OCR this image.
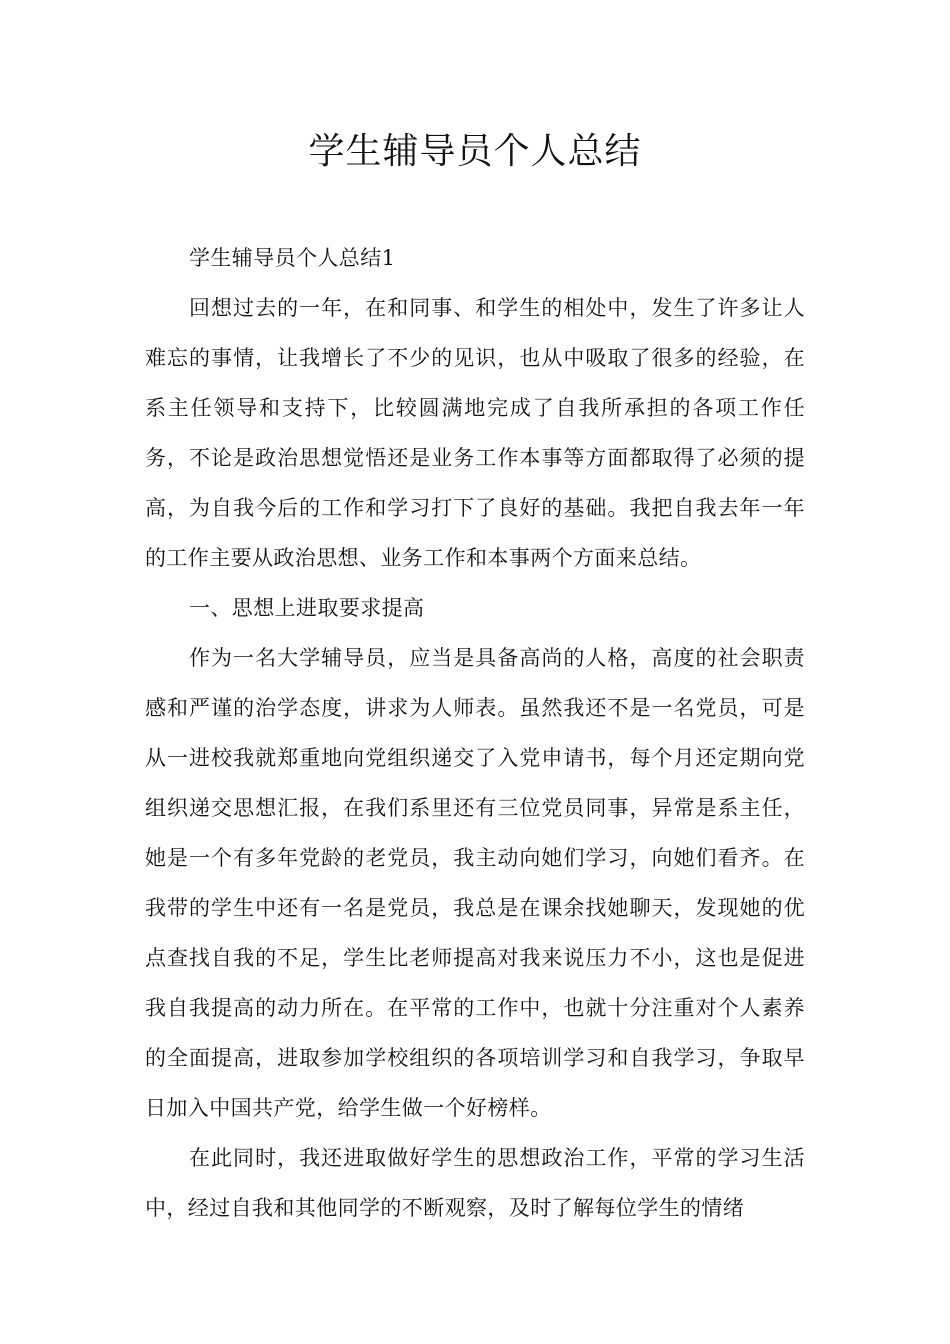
学生辅导员个人总结

学生辅导员个人总结1

回想过去的一年，在和同事、和学生的相处中，发生了许多让人难忘的事情，让我增长了不少的见识，也从中吸取了很多的经验，在系主任领导和支持下，比较圆满地完成了自我所承担的各项工作任务，不论是政治思想觉悟还是业务工作本事等方面都取得了必须的提高，为自我今后的工作和学习打下了良好的基础。我把自我去年一年的工作主要从政治思想、业务工作和本事两个方面来总结。

一、思想上进取要求提高

作为一名大学辅导员，应当是具备高尚的人格，高度的社会职责感和严谨的治学态度，讲求为人师表。虽然我还不是一名党员，可是从一进校我就郑重地向党组织递交了入党申请书，每个月还定期向党组织递交思想汇报，在我们系里还有三位党员同事，异常是系主任，她是一个有多年党龄的老党员，我主动向她们学习，向她们看齐。在我带的学生中还有一名是党员，我总是在课余找她聊天，发现她的优点查找自我的不足，学生比老师提高对我来说压力不小，这也是促进我自我提高的动力所在。在平常的工作中，也就十分注重对个人素养的全面提高，进取参加学校组织的各项培训学习和自我学习，争取早日加入中国共产党，给学生做一个好榜样。

在此同时，我还进取做好学生的思想政治工作，平常的学习生活中，经过自我和其他同学的不断观察，及时了解每位学生的情绪
